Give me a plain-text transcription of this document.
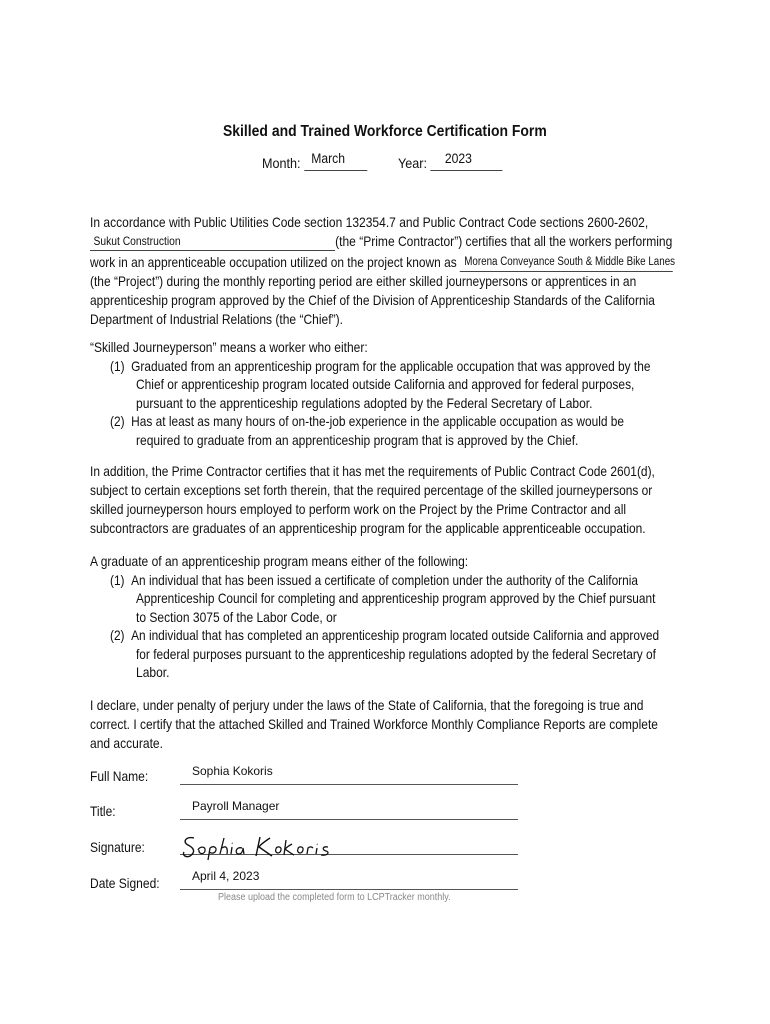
Skilled and Trained Workforce Certification Form
Month: March	Year: 2023
In accordance with Public Utilities Code section 132354.7 and Public Contract Code sections 2600-2602,
Sukut Construction	(the “Prime Contractor”) certifies that all the workers performing
work in an apprenticeable occupation utilized on the project known as Morena Conveyance South & Middle Bike Lanes
(the “Project”) during the monthly reporting period are either skilled journeypersons or apprentices in an
apprenticeship program approved by the Chief of the Division of Apprenticeship Standards of the California
Department of Industrial Relations (the “Chief”).
“Skilled Journeyperson” means a worker who either:
(1) Graduated from an apprenticeship program for the applicable occupation that was approved by the
Chief or apprenticeship program located outside California and approved for federal purposes,
pursuant to the apprenticeship regulations adopted by the Federal Secretary of Labor.
(2) Has at least as many hours of on-the-job experience in the applicable occupation as would be
required to graduate from an apprenticeship program that is approved by the Chief.
In addition, the Prime Contractor certifies that it has met the requirements of Public Contract Code 2601(d),
subject to certain exceptions set forth therein, that the required percentage of the skilled journeypersons or
skilled journeyperson hours employed to perform work on the Project by the Prime Contractor and all
subcontractors are graduates of an apprenticeship program for the applicable apprenticeable occupation.
A graduate of an apprenticeship program means either of the following:
(1) An individual that has been issued a certificate of completion under the authority of the California
Apprenticeship Council for completing and apprenticeship program approved by the Chief pursuant
to Section 3075 of the Labor Code, or
(2) An individual that has completed an apprenticeship program located outside California and approved
for federal purposes pursuant to the apprenticeship regulations adopted by the federal Secretary of
Labor.
I declare, under penalty of perjury under the laws of the State of California, that the foregoing is true and
correct. I certify that the attached Skilled and Trained Workforce Monthly Compliance Reports are complete
and accurate.
Full Name:	Sophia Kokoris
Title:	Payroll Manager
Signature:
Date Signed:	April 4, 2023
Please upload the completed form to LCPTracker monthly.
